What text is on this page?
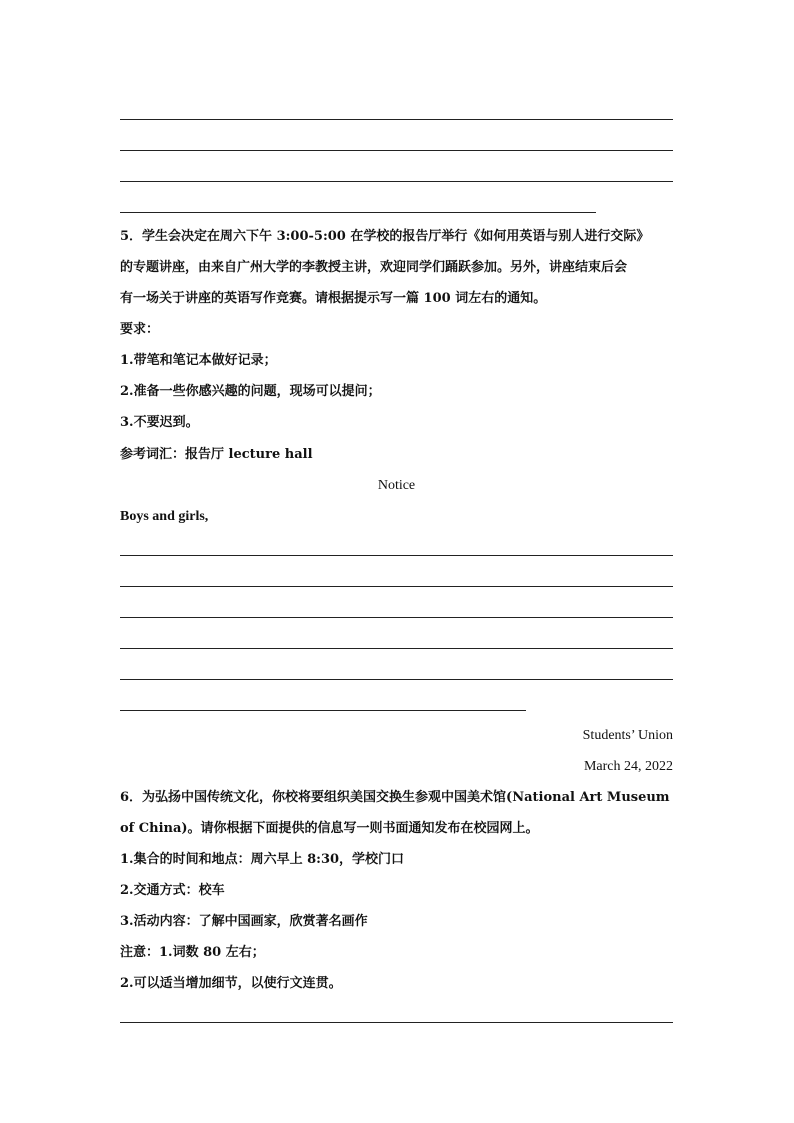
5．学生会决定在周六下午 3:00-5:00 在学校的报告厅举行《如何用英语与别人进行交际》
的专题讲座，由来自广州大学的李教授主讲，欢迎同学们踊跃参加。另外，讲座结束后会
有一场关于讲座的英语写作竞赛。请根据提示写一篇 100 词左右的通知。
要求：
1.带笔和笔记本做好记录；
2.准备一些你感兴趣的问题，现场可以提问；
3.不要迟到。
参考词汇：报告厅 lecture hall
Notice
Boys and girls,
Students’ Union
March 24, 2022
6．为弘扬中国传统文化，你校将要组织美国交换生参观中国美术馆(National Art Museum
of China)。请你根据下面提供的信息写一则书面通知发布在校园网上。
1.集合的时间和地点：周六早上 8:30，学校门口
2.交通方式：校车
3.活动内容：了解中国画家，欣赏著名画作
注意：1.词数 80 左右；
2.可以适当增加细节，以使行文连贯。
